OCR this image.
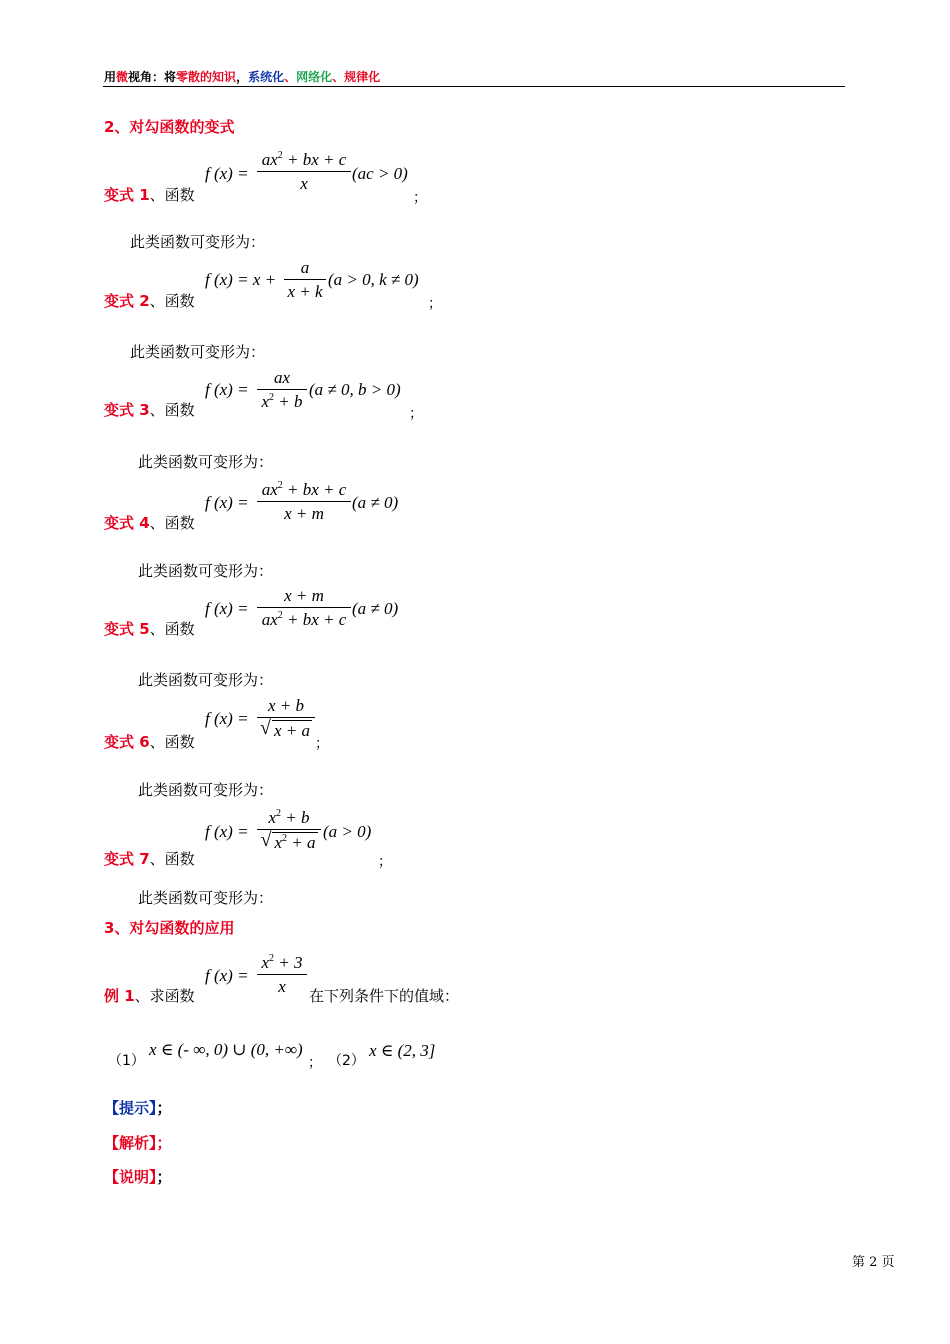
用微视角：将零散的知识，系统化、网络化、规律化
2、对勾函数的变式
f (x) =
$ax^2$ + bx + c
x
(ac > 0)
；
变式 1、函数
此类函数可变形为：
f (x) = x +
a
x + k
(a > 0, k ≠ 0)
；
变式 2、函数
此类函数可变形为：
f (x) =
ax
$x^2 + b$
(a ≠ 0, b > 0)
；
变式 3、函数
此类函数可变形为：
f (x) =
$ax^2$ + bx + c
x + m
(a ≠ 0)
变式 4、函数
此类函数可变形为：
f (x) =
x + m
$ax^2$ + bx + c
(a ≠ 0)
变式 5、函数
此类函数可变形为：
f (x) =
x + b
√ x + a
；
变式 6、函数
此类函数可变形为：
f (x) =
$x^2 + b$
√ $x^2 + a$
(a > 0)
；
变式 7、函数
此类函数可变形为：
3、对勾函数的应用
f (x) =
$x^2 + 3$
x
例 1、求函数	在下列条件下的值域：
（1）
x ∈ (- ∞, 0) ∪ (0, +∞)
； （2）
x ∈ (2, 3]
【提示】；
【解析】；
【说明】；
第 2 页
